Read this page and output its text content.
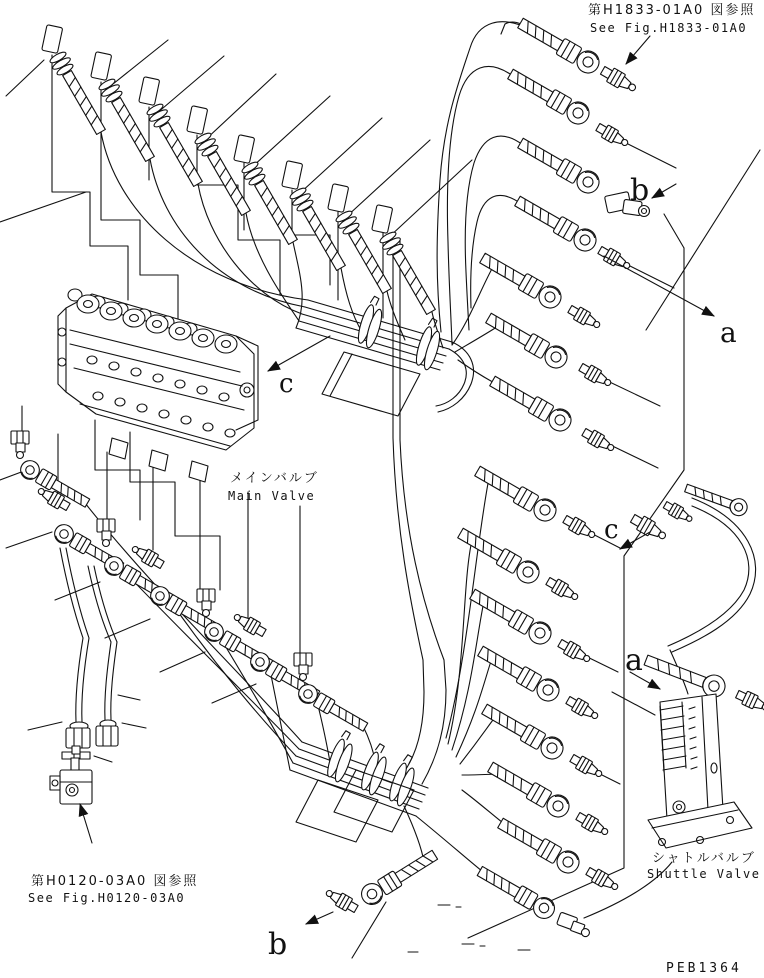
第H1833-01A0 図参照
See Fig.H1833-01A0
メインバルブ
Main Valve
第H0120-03A0 図参照
See Fig.H0120-03A0
シャトルバルブ
Shuttle Valve
PEB1364
b
a
c
c
a
b
